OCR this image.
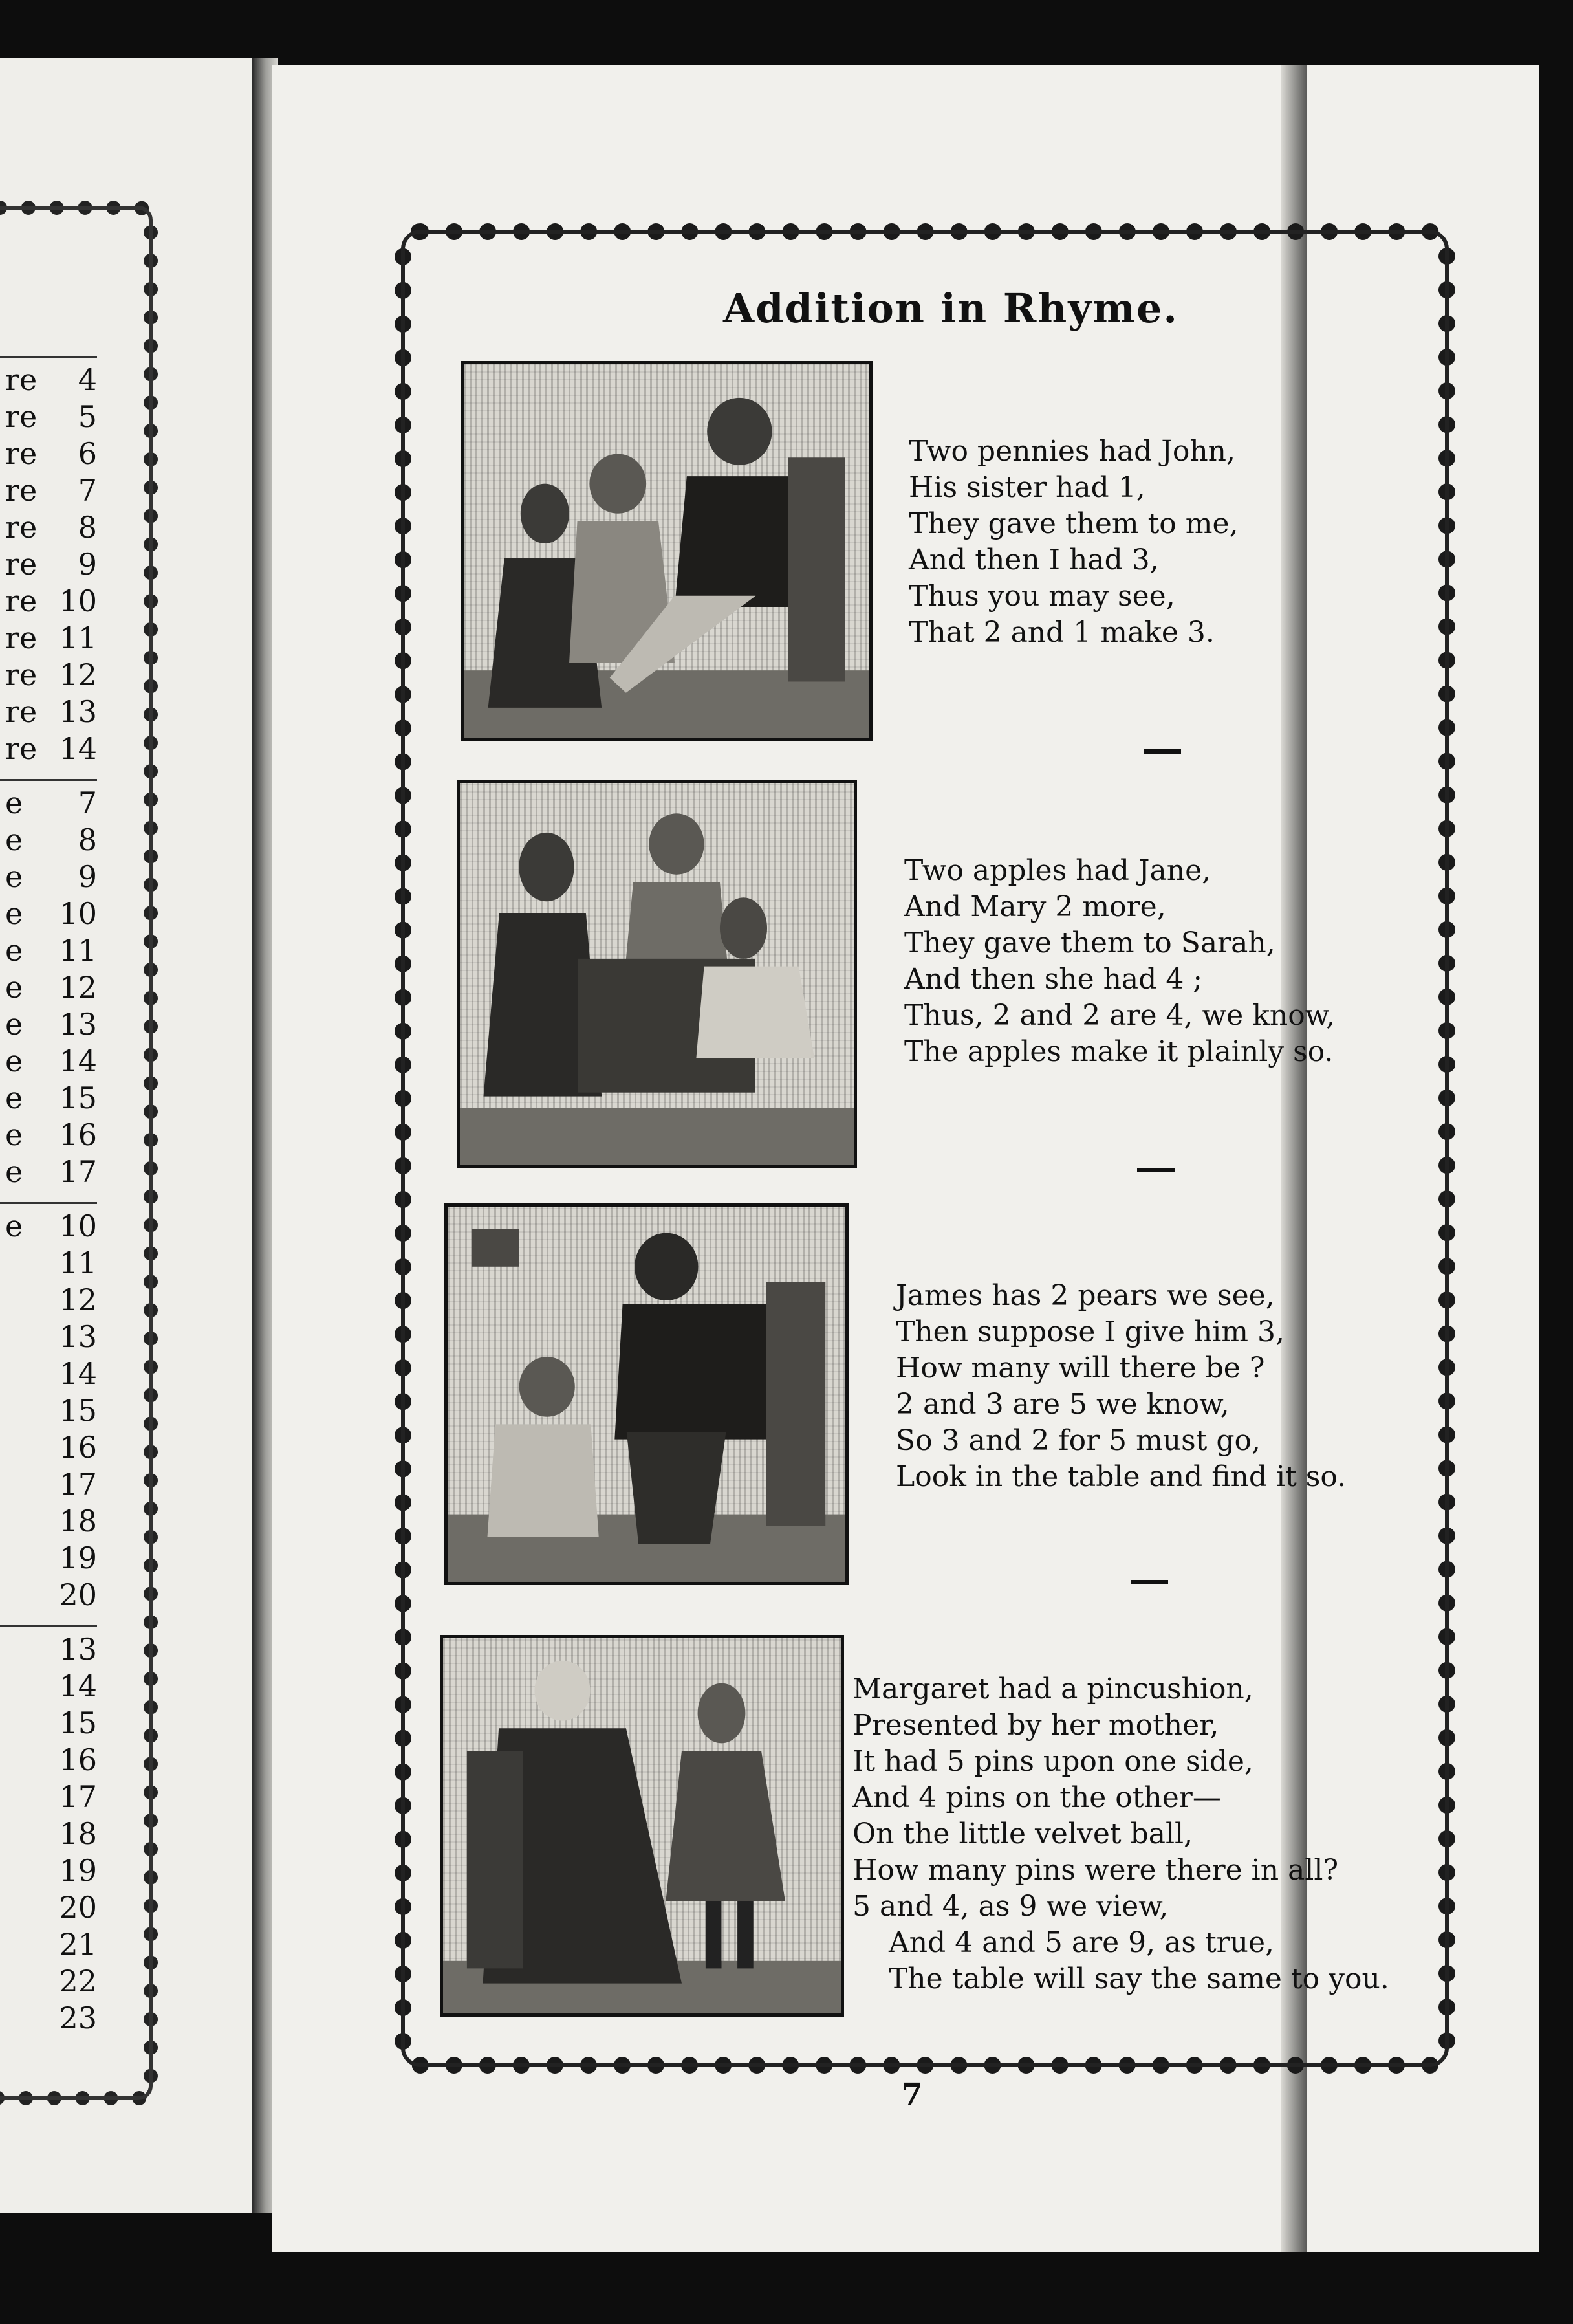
re 4
re 5
re 6
re 7
re 8
re 9
re 10
re 11
re 12
re 13
re 14
e 7
e 8
e 9
e 10
e 11
e 12
e 13
e 14
e 15
e 16
e 17
e 10
11
12
13
14
15
16
17
18
19
20
13
14
15
16
17
18
19
20
21
22
23
Addition in Rhyme.
Two pennies had John,
His sister had 1,
They gave them to me,
And then I had 3,
Thus you may see,
That 2 and 1 make 3.
Two apples had Jane,
And Mary 2 more,
They gave them to Sarah,
And then she had 4 ;
Thus, 2 and 2 are 4, we know,
The apples make it plainly so.
James has 2 pears we see,
Then suppose I give him 3,
How many will there be ?
2 and 3 are 5 we know,
So 3 and 2 for 5 must go,
Look in the table and find it so.
Margaret had a pincushion,
Presented by her mother,
It had 5 pins upon one side,
And 4 pins on the other—
On the little velvet ball,
How many pins were there in all?
5 and 4, as 9 we view,
And 4 and 5 are 9, as true,
The table will say the same to you.
7
